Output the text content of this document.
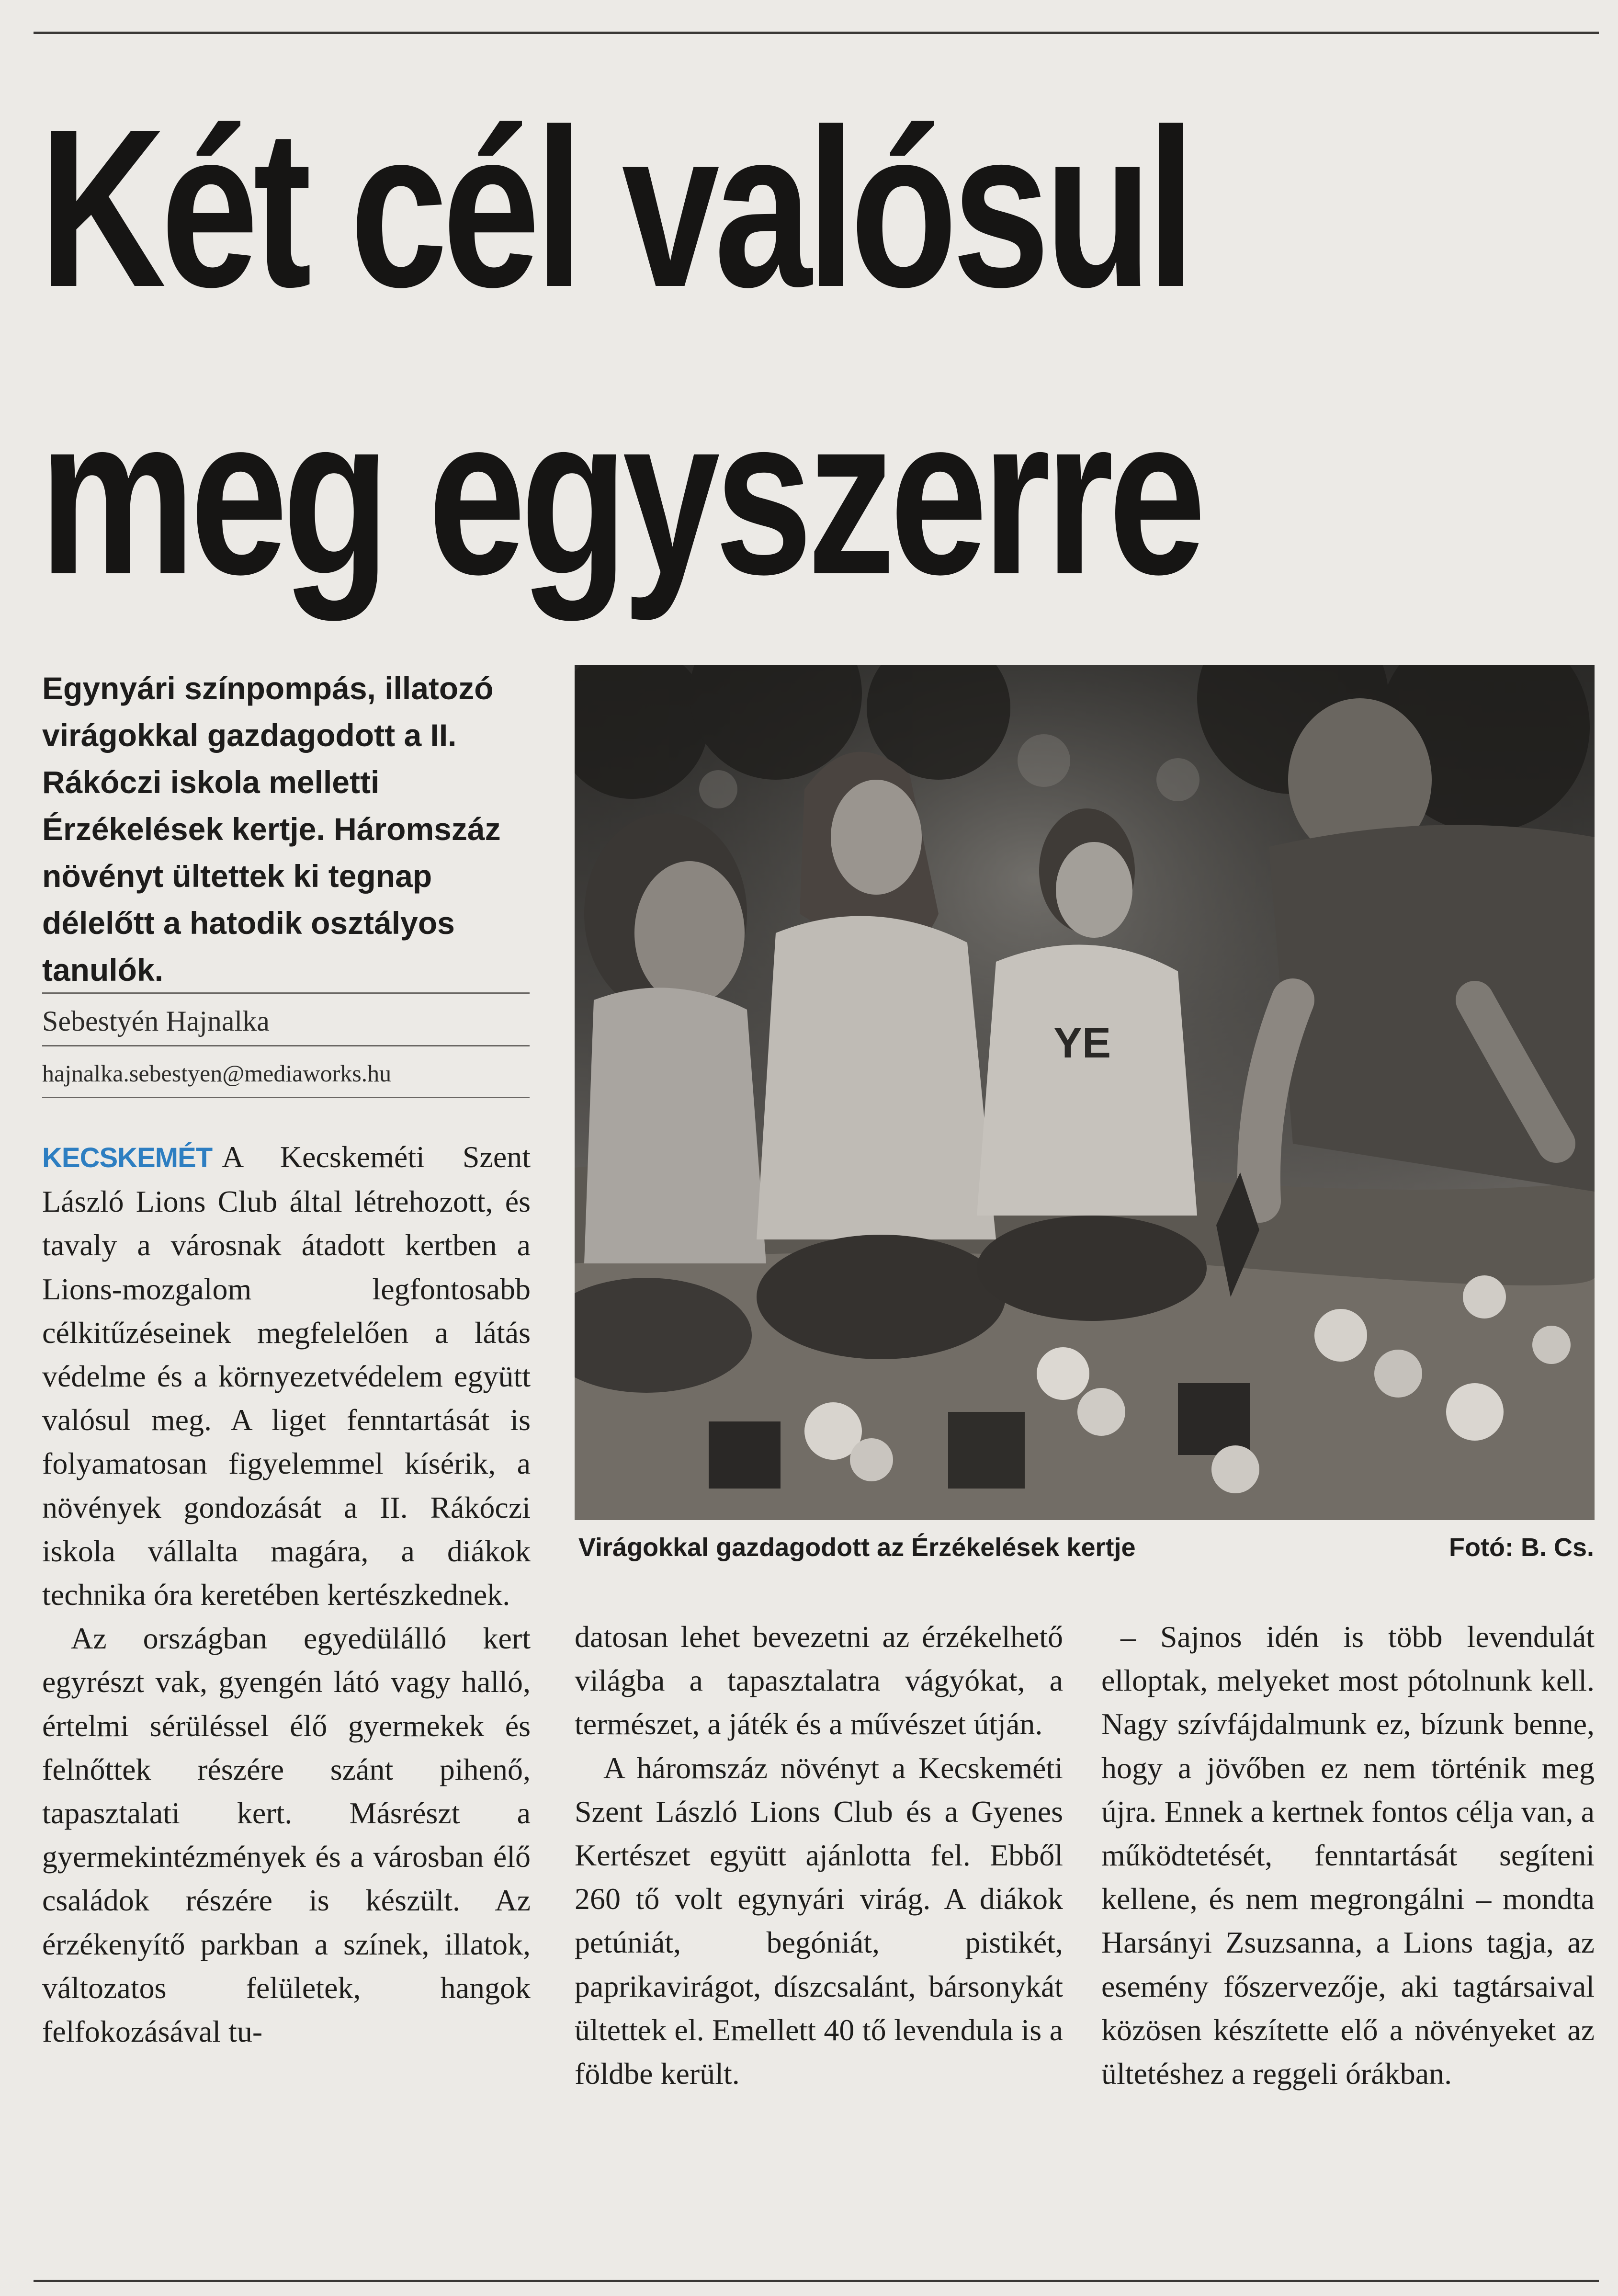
Két cél valósul
meg egyszerre

Egynyári színpompás, illatozó virágokkal gazdagodott a II. Rákóczi iskola melletti Érzékelések kertje. Háromszáz növényt ültettek ki tegnap délelőtt a hatodik osztályos tanulók.

Sebestyén Hajnalka
hajnalka.sebestyen@mediaworks.hu

KECSKEMÉT A Kecskeméti Szent László Lions Club által létrehozott, és tavaly a városnak átadott kertben a Lions-mozgalom legfontosabb célkitűzéseinek megfelelően a látás védelme és a környezetvédelem együtt valósul meg. A liget fenntartását is folyamatosan figyelemmel kísérik, a növények gondozását a II. Rákóczi iskola vállalta magára, a diákok technika óra keretében kertészkednek.

Az országban egyedülálló kert egyrészt vak, gyengén látó vagy halló, értelmi sérüléssel élő gyermekek és felnőttek részére szánt pihenő, tapasztalati kert. Másrészt a gyermekintézmények és a városban élő családok részére is készült. Az érzékenyítő parkban a színek, illatok, változatos felületek, hangok felfokozásával tu-

YE
Virágokkal gazdagodott az Érzékelések kertje	Fotó: B. Cs.

datosan lehet bevezetni az érzékelhető világba a tapasztalatra vágyókat, a természet, a játék és a művészet útján.

A háromszáz növényt a Kecskeméti Szent László Lions Club és a Gyenes Kertészet együtt ajánlotta fel. Ebből 260 tő volt egynyári virág. A diákok petúniát, begóniát, pistikét, paprikavirágot, díszcsalánt, bársonykát ültettek el. Emellett 40 tő levendula is a földbe került.

– Sajnos idén is több levendulát elloptak, melyeket most pótolnunk kell. Nagy szívfájdalmunk ez, bízunk benne, hogy a jövőben ez nem történik meg újra. Ennek a kertnek fontos célja van, a működtetését, fenntartását segíteni kellene, és nem megrongálni – mondta Harsányi Zsuzsanna, a Lions tagja, az esemény főszervezője, aki tagtársaival közösen készítette elő a növényeket az ültetéshez a reggeli órákban.
